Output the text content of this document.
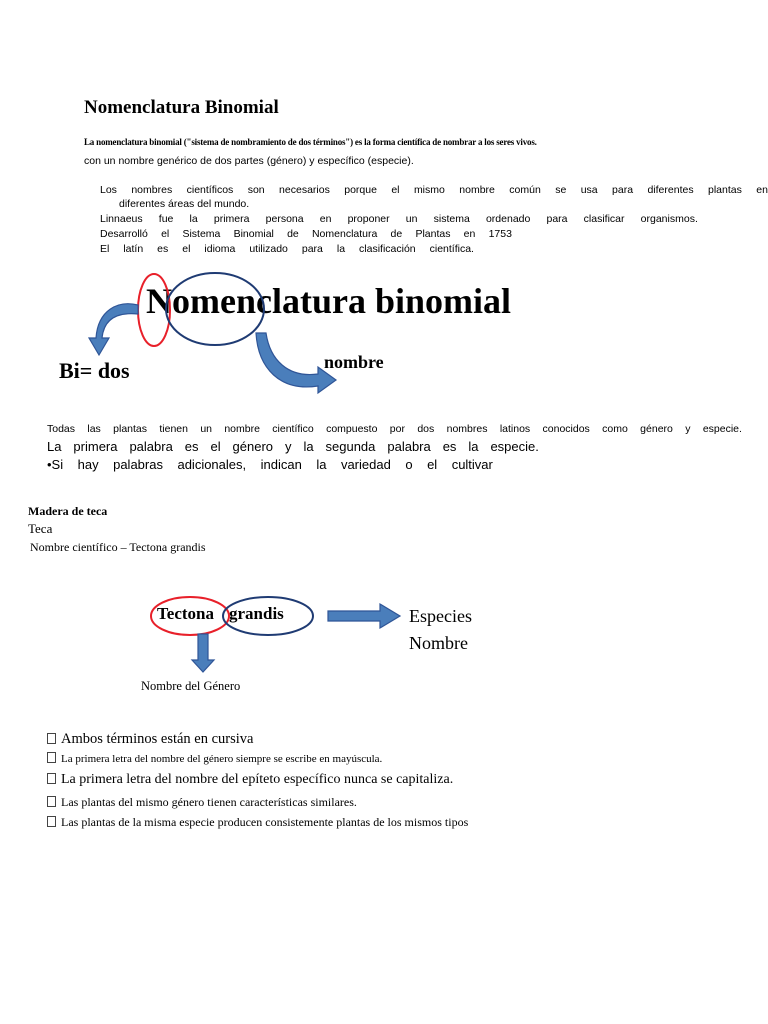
Nomenclatura Binomial
La nomenclatura binomial ("sistema de nombramiento de dos términos") es la forma científica de nombrar a los seres vivos.
con un nombre genérico de dos partes (género) y específico (especie).
Los nombres científicos son necesarios porque el mismo nombre común se usa para diferentes plantas en
diferentes áreas del mundo.
Linnaeus fue la primera persona en proponer un sistema ordenado para clasificar organismos.
Desarrolló el Sistema Binomial de Nomenclatura de Plantas en 1753
El latín es el idioma utilizado para la clasificación científica.
Nomenclatura binomial
Bi= dos	nombre
Todas las plantas tienen un nombre científico compuesto por dos nombres latinos conocidos como género y especie.
La primera palabra es el género y la segunda palabra es la especie.
•Si hay palabras adicionales, indican la variedad o el cultivar
Madera de teca
Teca
Nombre científico – Tectona grandis
Tectona grandis	Especies
Nombre
Nombre del Género
Ambos términos están en cursiva
La primera letra del nombre del género siempre se escribe en mayúscula.
La primera letra del nombre del epíteto específico nunca se capitaliza.
Las plantas del mismo género tienen características similares.
Las plantas de la misma especie producen consistemente plantas de los mismos tipos
